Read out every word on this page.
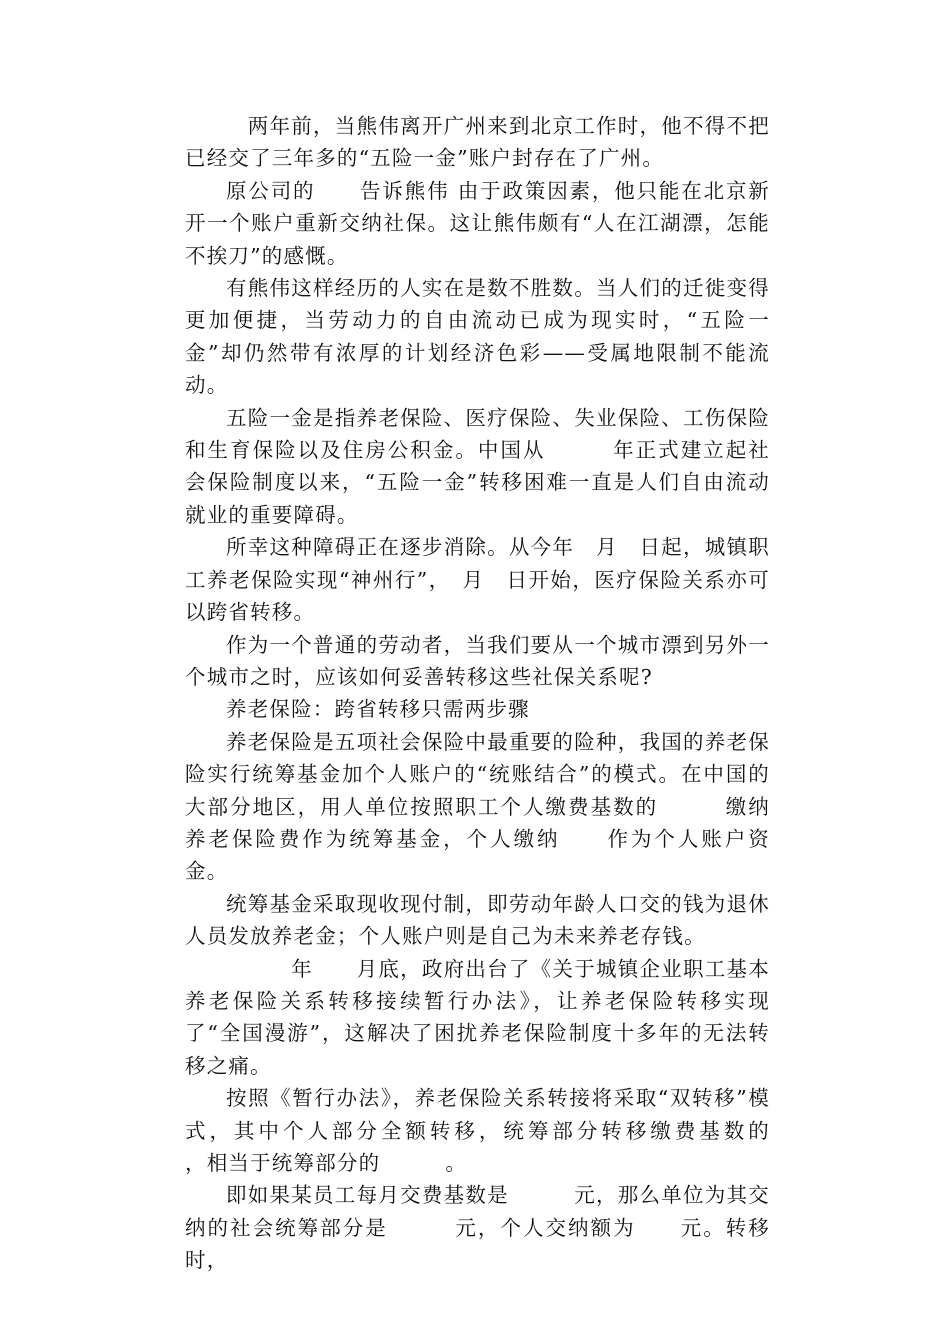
　两年前，当熊伟离开广州来到北京工作时，他不得不把已经交了三年多的“五险一金”账户封存在了广州。

原公司的　　告诉熊伟 由于政策因素，他只能在北京新开一个账户重新交纳社保。这让熊伟颇有“人在江湖漂，怎能不挨刀”的感慨。

有熊伟这样经历的人实在是数不胜数。当人们的迁徙变得更加便捷，当劳动力的自由流动已成为现实时，“五险一金”却仍然带有浓厚的计划经济色彩——受属地限制不能流动。

五险一金是指养老保险、医疗保险、失业保险、工伤保险和生育保险以及住房公积金。中国从　　　年正式建立起社会保险制度以来，“五险一金”转移困难一直是人们自由流动就业的重要障碍。

所幸这种障碍正在逐步消除。从今年　月　日起，城镇职工养老保险实现“神州行”，　月　日开始，医疗保险关系亦可以跨省转移。

作为一个普通的劳动者，当我们要从一个城市漂到另外一个城市之时，应该如何妥善转移这些社保关系呢?

养老保险：跨省转移只需两步骤

养老保险是五项社会保险中最重要的险种，我国的养老保险实行统筹基金加个人账户的“统账结合”的模式。在中国的大部分地区，用人单位按照职工个人缴费基数的　　　缴纳养老保险费作为统筹基金，个人缴纳　　作为个人账户资金。

统筹基金采取现收现付制，即劳动年龄人口交的钱为退休人员发放养老金；个人账户则是自己为未来养老存钱。

　　　年　　月底，政府出台了《关于城镇企业职工基本养老保险关系转移接续暂行办法》，让养老保险转移实现了“全国漫游”，这解决了困扰养老保险制度十多年的无法转移之痛。

按照《暂行办法》，养老保险关系转接将采取“双转移”模式，其中个人部分全额转移，统筹部分转移缴费基数的　　　　　，相当于统筹部分的　　　。

即如果某员工每月交费基数是　　　元，那么单位为其交纳的社会统筹部分是　　　元，个人交纳额为　　元。转移时，
